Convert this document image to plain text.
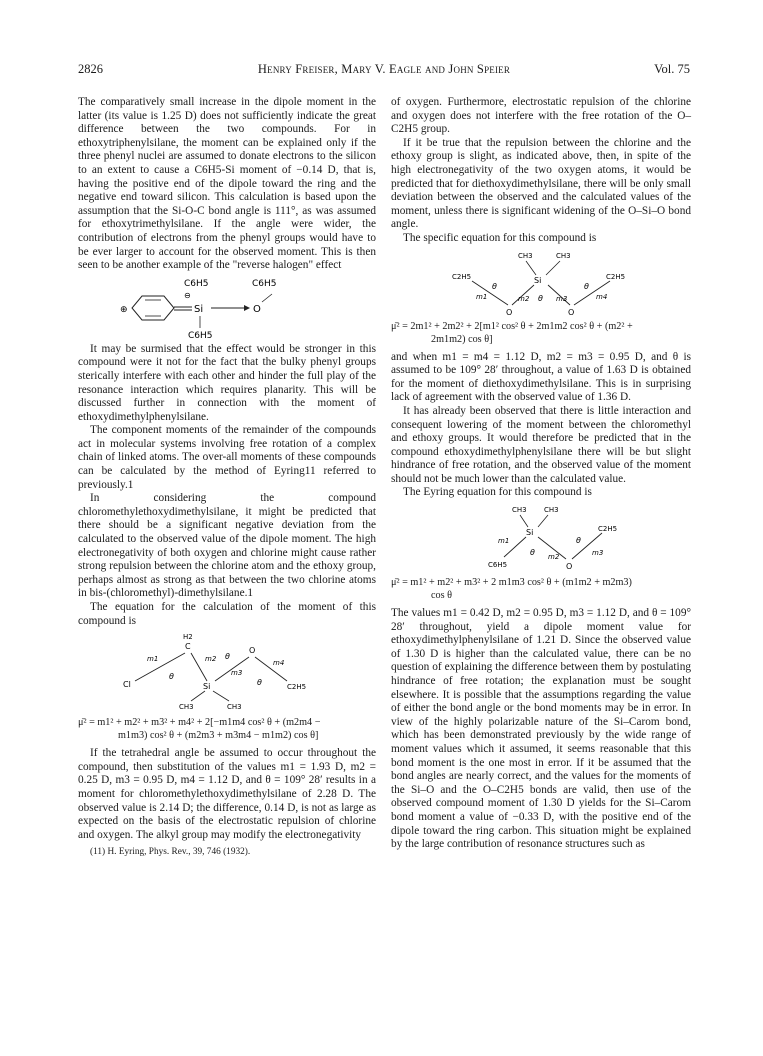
2826	Henry Freiser, Mary V. Eagle and John Speier	Vol. 75

The comparatively small increase in the dipole moment in the latter (its value is 1.25 D) does not sufficiently indicate the great difference between the two compounds. For in ethoxytriphenylsilane, the moment can be explained only if the three phenyl nuclei are assumed to donate electrons to the silicon to an extent to cause a C6H5-Si moment of −0.14 D, that is, having the positive end of the dipole toward the ring and the negative end toward silicon. This calculation is based upon the assumption that the Si-O-C bond angle is 111°, as was assumed for ethoxytrimethylsilane. If the angle were wider, the contribution of electrons from the phenyl groups would have to be ever larger to account for the observed moment. This is then seen to be another example of the "reverse halogen" effect

⊕
⊖
C6H5
Si	O
C6H5
C6H5

It may be surmised that the effect would be stronger in this compound were it not for the fact that the bulky phenyl groups sterically interfere with each other and hinder the full play of the resonance interaction which requires planarity. This will be discussed further in connection with the moment of ethoxydimethylphenylsilane.

The component moments of the remainder of the compounds act in molecular systems involving free rotation of a complex chain of linked atoms. The over-all moments of these compounds can be calculated by the method of Eyring11 referred to previously.1

In considering the compound chloromethylethoxydimethylsilane, it might be predicted that there should be a significant negative deviation from the calculated to the observed value of the dipole moment. The high electronegativity of both oxygen and chlorine might cause rather strong repulsion between the chlorine atom and the ethoxy group, perhaps almost as strong as that between the two chlorine atoms in bis-(chloromethyl)-dimethylsilane.1

The equation for the calculation of the moment of this compound is

H2
C
Cl
O
Si	C2H5
CH3	CH3
m1	m2
m3
m4
θ
θ
θ
μ̄² = m1² + m2² + m3² + m4² + 2[−m1m4 cos² θ + (m2m4 −
m1m3) cos² θ + (m2m3 + m3m4 − m1m2) cos θ]

If the tetrahedral angle be assumed to occur throughout the compound, then substitution of the values m1 = 1.93 D, m2 = 0.25 D, m3 = 0.95 D, m4 = 1.12 D, and θ = 109° 28′ results in a moment for chloromethylethoxydimethylsilane of 2.28 D. The observed value is 2.14 D; the difference, 0.14 D, is not as large as expected on the basis of the electrostatic repulsion of chlorine and oxygen. The alkyl group may modify the electronegativity

(11) H. Eyring, Phys. Rev., 39, 746 (1932).

of oxygen. Furthermore, electrostatic repulsion of the chlorine and oxygen does not interfere with the free rotation of the O–C2H5 group.

If it be true that the repulsion between the chlorine and the ethoxy group is slight, as indicated above, then, in spite of the high electronegativity of the two oxygen atoms, it would be predicted that for diethoxydimethylsilane, there will be only small deviation between the observed and the calculated values of the moment, unless there is significant widening of the O–Si–O bond angle.

The specific equation for this compound is

CH3	CH3
Si
C2H5	C2H5
O	O
m1	m2	m3	m4
θ
θ
θ
μ̄² = 2m1² + 2m2² + 2[m1² cos² θ + 2m1m2 cos² θ + (m2² +
2m1m2) cos θ]

and when m1 = m4 = 1.12 D, m2 = m3 = 0.95 D, and θ is assumed to be 109° 28′ throughout, a value of 1.63 D is obtained for the moment of diethoxydimethylsilane. This is in surprising lack of agreement with the observed value of 1.36 D.

It has already been observed that there is little interaction and consequent lowering of the moment between the chloromethyl and ethoxy groups. It would therefore be predicted that in the compound ethoxydimethylphenylsilane there will be but slight hindrance of free rotation, and the observed value of the moment should not be much lower than the calculated value.

The Eyring equation for this compound is

CH3 CH3
Si
C6H5	O
C2H5
m1
m2	m3
θ
θ
μ̄² = m1² + m2² + m3² + 2 m1m3 cos² θ + (m1m2 + m2m3)
cos θ

The values m1 = 0.42 D, m2 = 0.95 D, m3 = 1.12 D, and θ = 109° 28′ throughout, yield a dipole moment value for ethoxydimethylphenylsilane of 1.21 D. Since the observed value of 1.30 D is higher than the calculated value, there can be no question of explaining the difference between them by postulating hindrance of free rotation; the explanation must be sought elsewhere. It is possible that the assumptions regarding the value of either the bond angle or the bond moments may be in error. In view of the highly polarizable nature of the Si–Carom bond, which has been demonstrated previously by the wide range of moment values which it assumed, it seems reasonable that this bond moment is the one most in error. If it be assumed that the bond angles are nearly correct, and the values for the moments of the Si–O and the O–C2H5 bonds are valid, then use of the observed compound moment of 1.30 D yields for the Si–Carom bond moment a value of −0.33 D, with the positive end of the dipole toward the ring carbon. This situation might be explained by the large contribution of resonance structures such as
